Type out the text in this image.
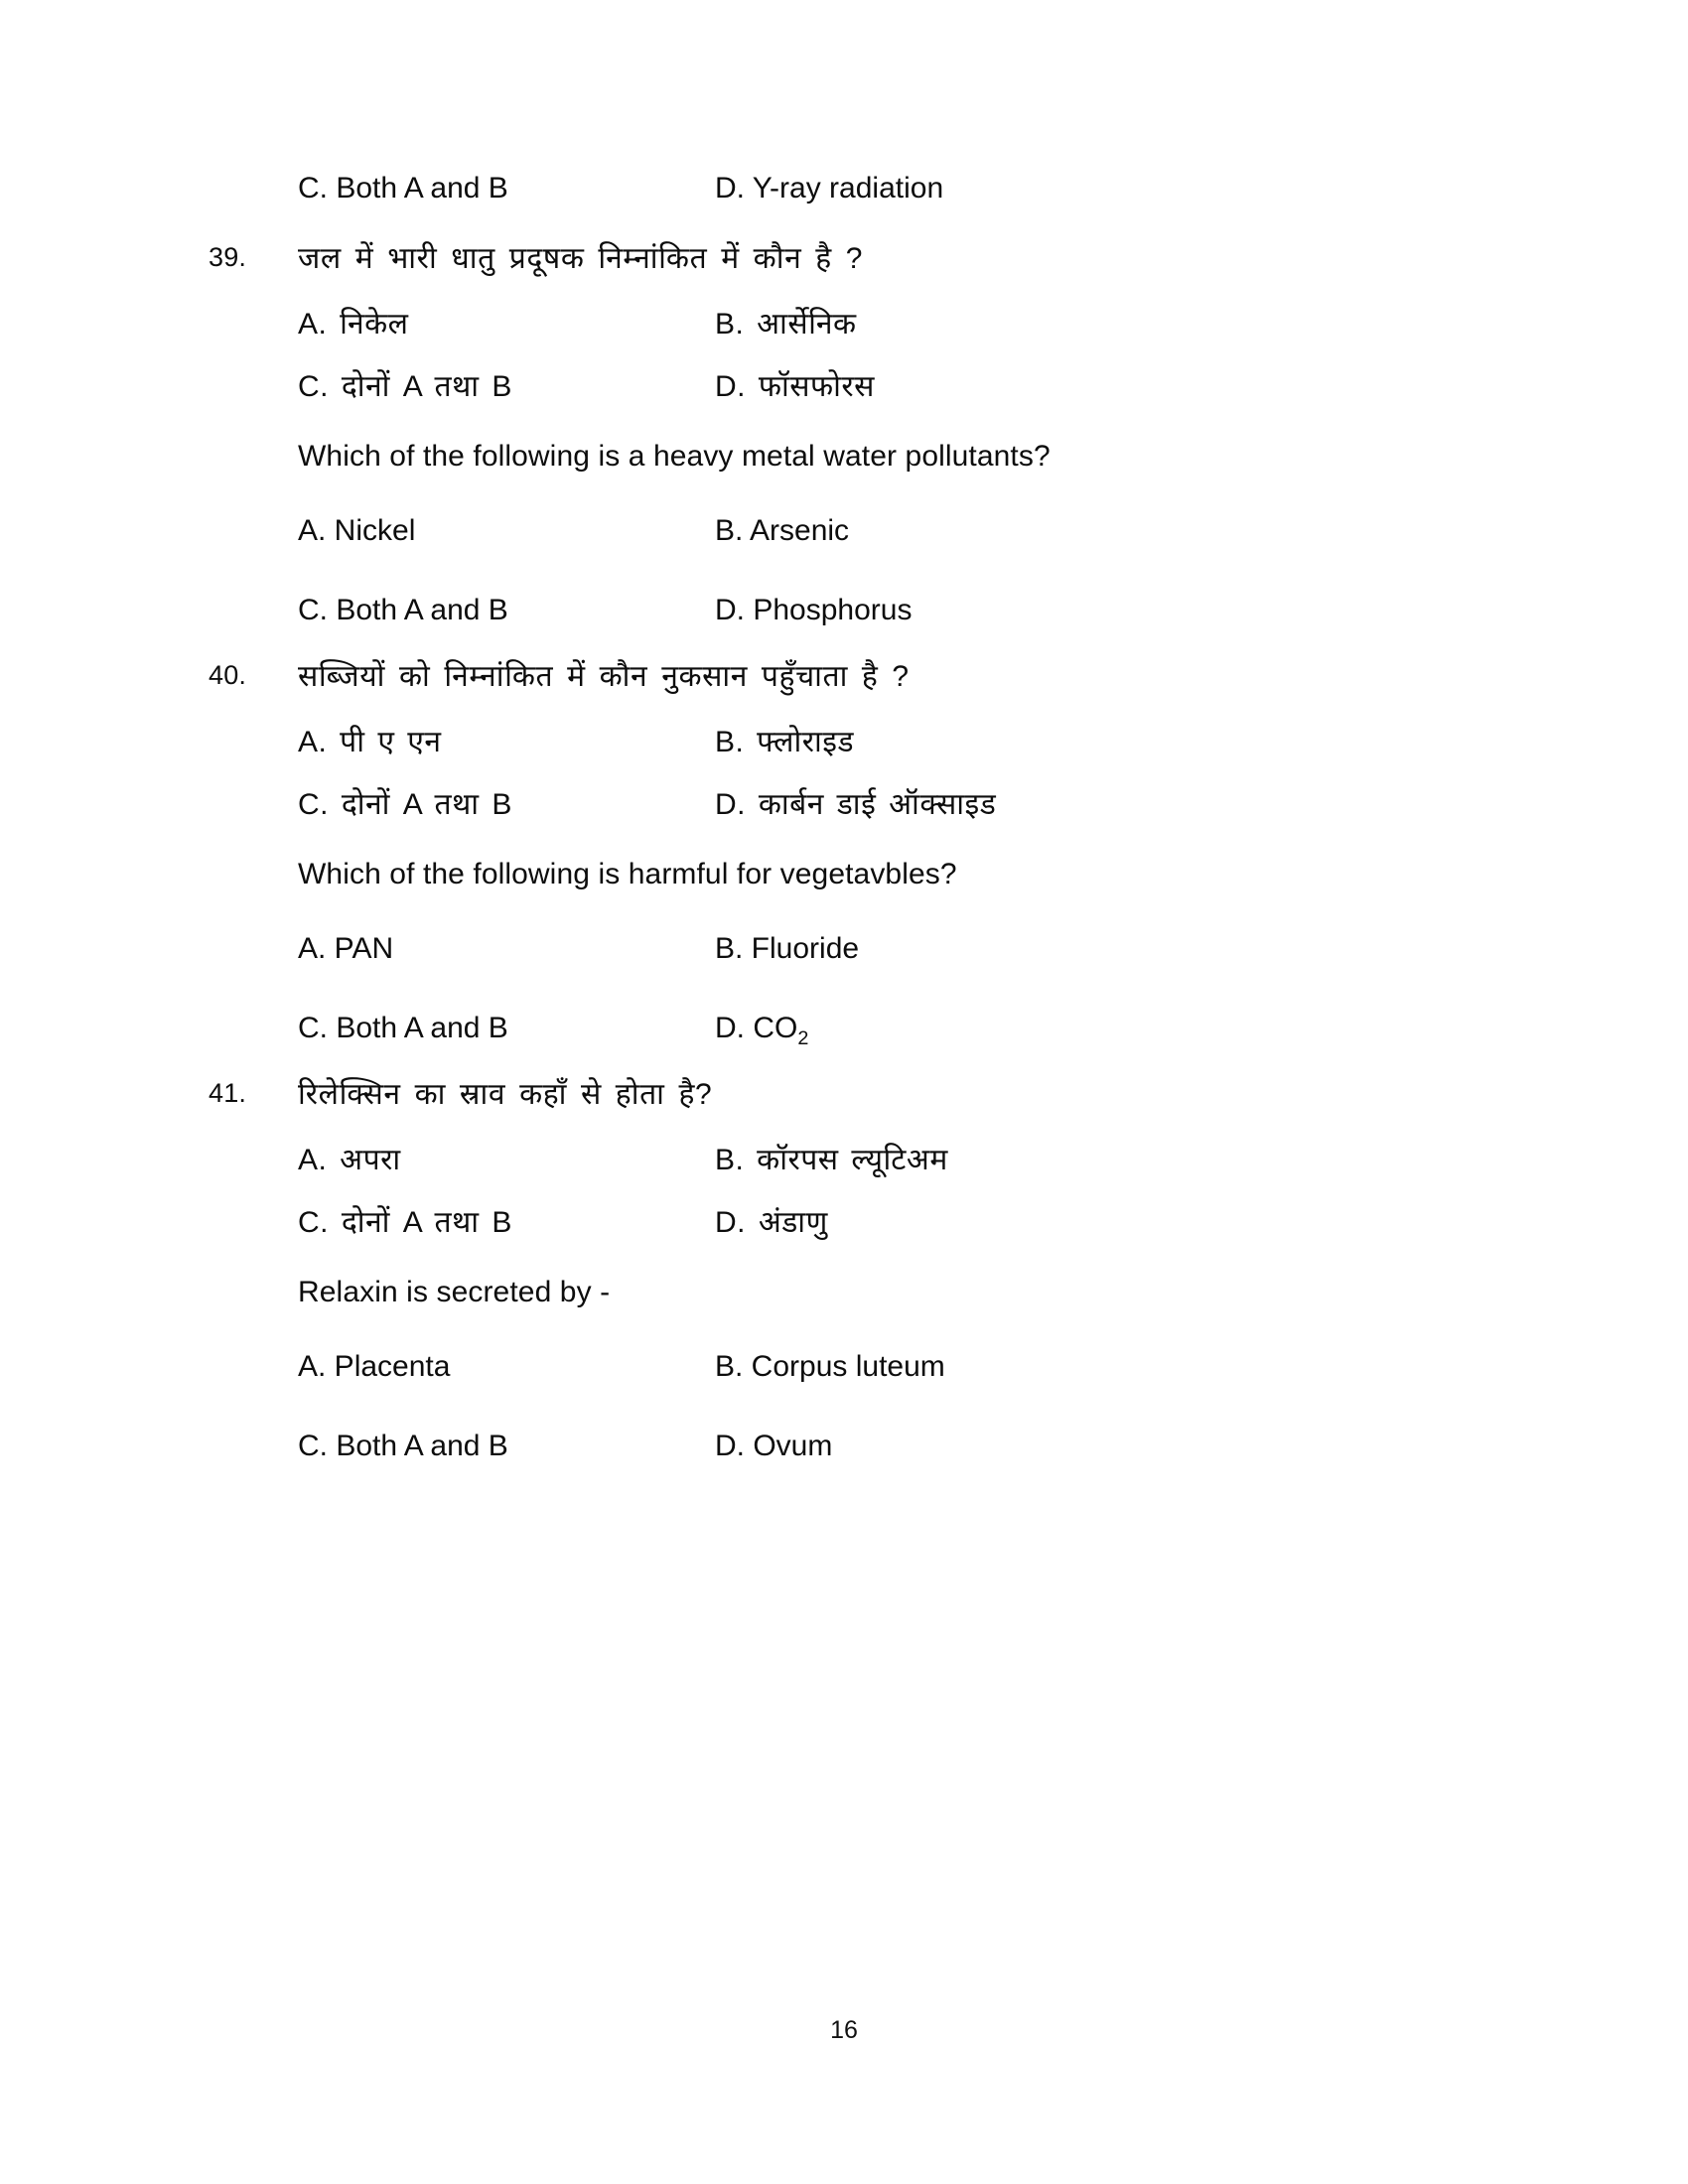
C. Both A and B	D. Y-ray radiation
39.	जल में भारी धातु प्रदूषक निम्नांकित में कौन है ?
A. निकेल	B. आर्सेनिक
C. दोनों A तथा B	D. फॉसफोरस
Which of the following is a heavy metal water pollutants?
A. Nickel	B. Arsenic
C. Both A and B	D. Phosphorus
40.	सब्जियों को निम्नांकित में कौन नुकसान पहुँचाता है ?
A. पी ए एन	B. फ्लोराइड
C. दोनों A तथा B	D. कार्बन डाई ऑक्साइड
Which of the following is harmful for vegetavbles?
A. PAN	B. Fluoride
C. Both A and B	D. $CO_2$
41.	रिलेक्सिन का स्राव कहाँ से होता है?
A. अपरा	B. कॉरपस ल्यूटिअम
C. दोनों A तथा B	D. अंडाणु
Relaxin is secreted by -
A. Placenta	B. Corpus luteum
C. Both A and B	D. Ovum
16
